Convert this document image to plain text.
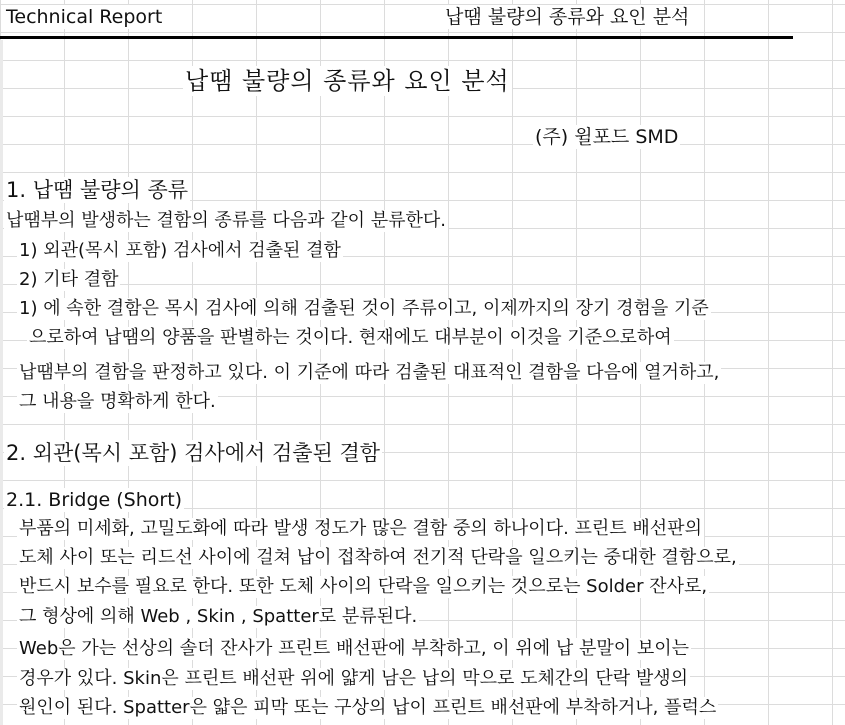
Technical Report	납땜 불량의 종류와 요인 분석
납땜 불량의 종류와 요인 분석
(주) 윌포드 SMD
1. 납땜 불량의 종류
납땜부의 발생하는 결함의 종류를 다음과 같이 분류한다.
1) 외관(목시 포함) 검사에서 검출된 결함
2) 기타 결함
1) 에 속한 결함은 목시 검사에 의해 검출된 것이 주류이고, 이제까지의 장기 경험을 기준
으로하여 납땜의 양품을 판별하는 것이다. 현재에도 대부분이 이것을 기준으로하여
납땜부의 결함을 판정하고 있다. 이 기준에 따라 검출된 대표적인 결함을 다음에 열거하고,
그 내용을 명확하게 한다.
2. 외관(목시 포함) 검사에서 검출된 결함
2.1. Bridge (Short)
부품의 미세화, 고밀도화에 따라 발생 정도가 많은 결함 중의 하나이다. 프린트 배선판의
도체 사이 또는 리드선 사이에 걸쳐 납이 접착하여 전기적 단락을 일으키는 중대한 결함으로,
반드시 보수를 필요로 한다. 또한 도체 사이의 단락을 일으키는 것으로는 Solder 잔사로,
그 형상에 의해 Web , Skin , Spatter로 분류된다.
Web은 가는 선상의 솔더 잔사가 프린트 배선판에 부착하고, 이 위에 납 분말이 보이는
경우가 있다. Skin은 프린트 배선판 위에 얇게 남은 납의 막으로 도체간의 단락 발생의
원인이 된다. Spatter은 얇은 피막 또는 구상의 납이 프린트 배선판에 부착하거나, 플럭스
